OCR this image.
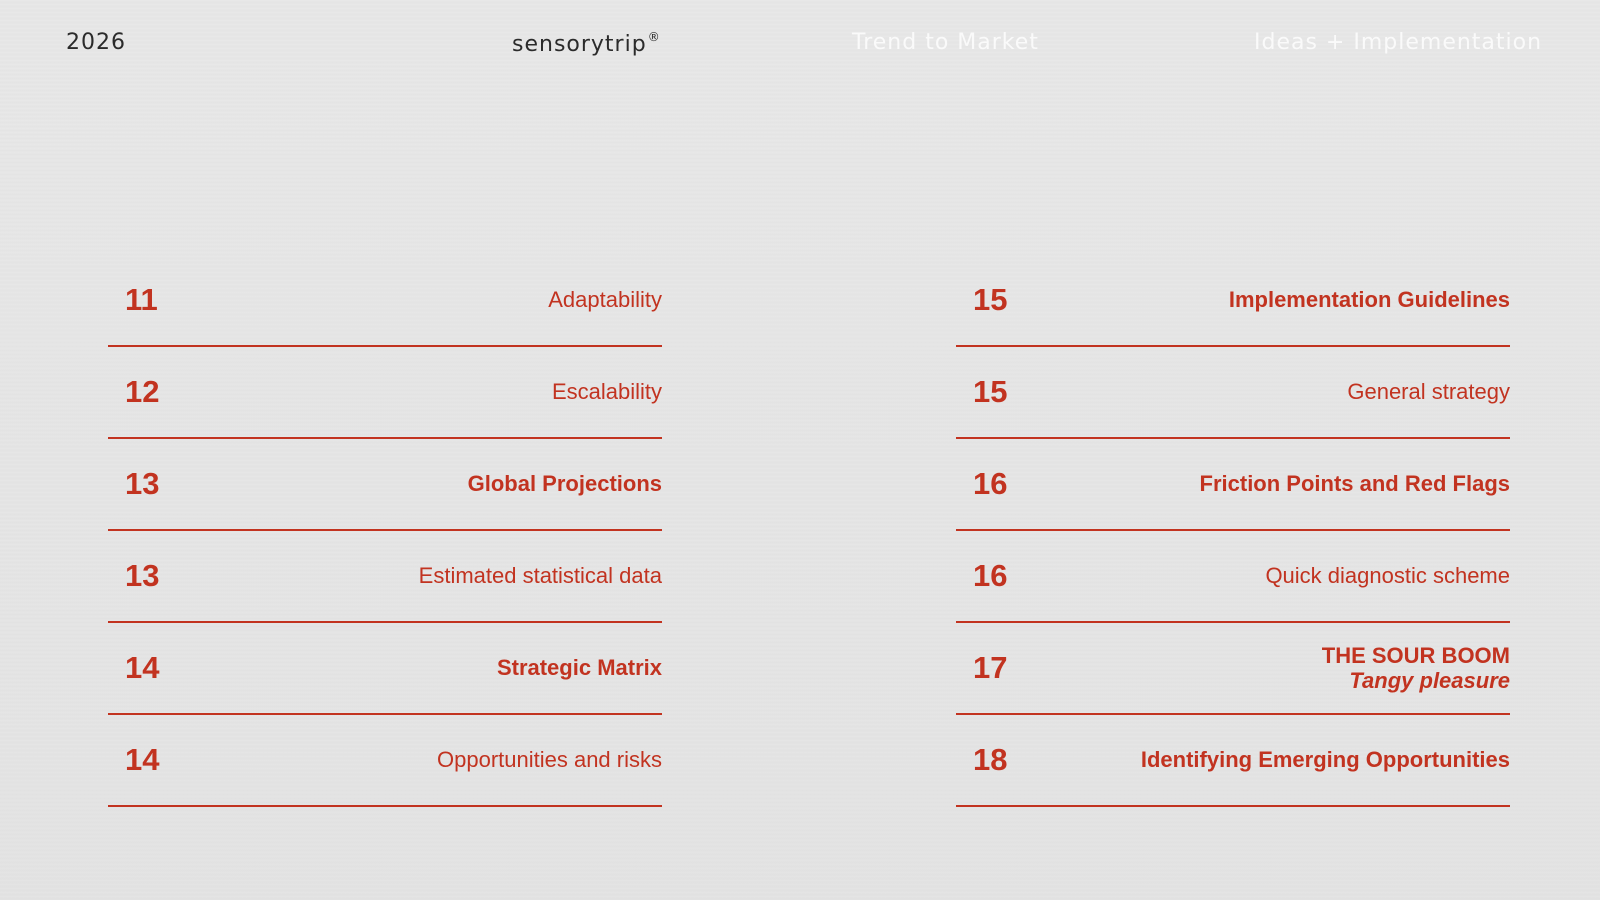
2026	sensorytrip®	Trend to Market	Ideas + Implementation
11	Adaptability
12	Escalability
13	Global Projections
13	Estimated statistical data
14	Strategic Matrix
14	Opportunities and risks
15	Implementation Guidelines
15	General strategy
16	Friction Points and Red Flags
16	Quick diagnostic scheme
17	THE SOUR BOOM
Tangy pleasure
18	Identifying Emerging Opportunities
